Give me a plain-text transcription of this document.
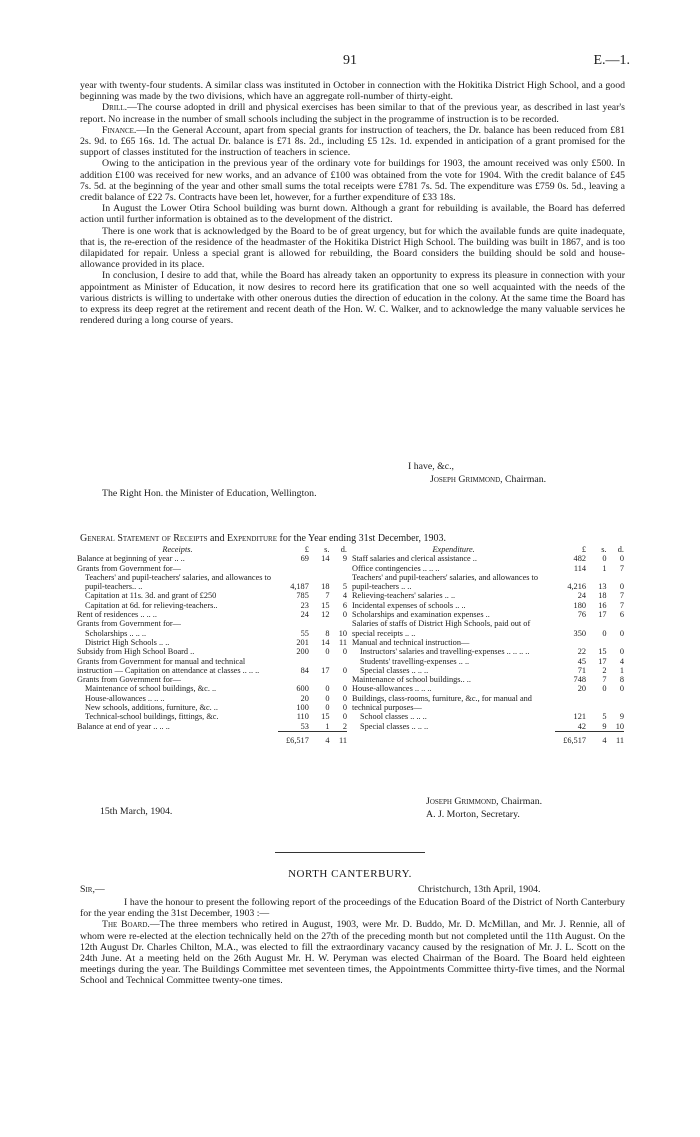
91	E.—1.

year with twenty-four students. A similar class was instituted in October in connection with the Hokitika District High School, and a good beginning was made by the two divisions, which have an aggregate roll-number of thirty-eight.

Drill.—The course adopted in drill and physical exercises has been similar to that of the previous year, as described in last year's report. No increase in the number of small schools including the subject in the programme of instruction is to be recorded.

Finance.—In the General Account, apart from special grants for instruction of teachers, the Dr. balance has been reduced from £81 2s. 9d. to £65 16s. 1d. The actual Dr. balance is £71 8s. 2d., including £5 12s. 1d. expended in anticipation of a grant promised for the support of classes instituted for the instruction of teachers in science.

Owing to the anticipation in the previous year of the ordinary vote for buildings for 1903, the amount received was only £500. In addition £100 was received for new works, and an advance of £100 was obtained from the vote for 1904. With the credit balance of £45 7s. 5d. at the beginning of the year and other small sums the total receipts were £781 7s. 5d. The expenditure was £759 0s. 5d., leaving a credit balance of £22 7s. Contracts have been let, however, for a further expenditure of £33 18s.

In August the Lower Otira School building was burnt down. Although a grant for rebuilding is available, the Board has deferred action until further information is obtained as to the development of the district.

There is one work that is acknowledged by the Board to be of great urgency, but for which the available funds are quite inadequate, that is, the re-erection of the residence of the headmaster of the Hokitika District High School. The building was built in 1867, and is too dilapidated for repair. Unless a special grant is allowed for rebuilding, the Board considers the building should be sold and house-allowance provided in its place.

In conclusion, I desire to add that, while the Board has already taken an opportunity to express its pleasure in connection with your appointment as Minister of Education, it now desires to record here its gratification that one so well acquainted with the needs of the various districts is willing to undertake with other onerous duties the direction of education in the colony. At the same time the Board has to express its deep regret at the retirement and recent death of the Hon. W. C. Walker, and to acknowledge the many valuable services he rendered during a long course of years.

I have, &c.,
Joseph Grimmond, Chairman.
The Right Hon. the Minister of Education, Wellington.
General Statement of Receipts and Expenditure for the Year ending 31st December, 1903.
Receipts.	£	s.	d.
Balance at beginning of year .. ..	69	14	9
Grants from Government for—			
Teachers' and pupil-teachers' salaries, and allowances to pupil-teachers.. ..	4,187	18	5
Capitation at 11s. 3d. and grant of £250	785	7	4
Capitation at 6d. for relieving-teachers..	23	15	6
Rent of residences .. .. ..	24	12	0
Grants from Government for—			
Scholarships .. .. ..	55	8	10
District High Schools .. ..	201	14	11
Subsidy from High School Board ..	200	0	0
Grants from Government for manual and technical instruction — Capitation on attendance at classes .. .. ..	84	17	0
Grants from Government for—			
Maintenance of school buildings, &c. ..	600	0	0
House-allowances .. .. ..	20	0	0
New schools, additions, furniture, &c. ..	100	0	0
Technical-school buildings, fittings, &c.	110	15	0
Balance at end of year .. .. ..	53	1	2
	£6,517	4	11
Expenditure.	£	s.	d.
Staff salaries and clerical assistance ..	482	0	0
Office contingencies .. .. ..	114	1	7
Teachers' and pupil-teachers' salaries, and allowances to pupil-teachers .. ..	4,216	13	0
Relieving-teachers' salaries .. ..	24	18	7
Incidental expenses of schools .. ..	180	16	7
Scholarships and examination expenses ..	76	17	6
Salaries of staffs of District High Schools, paid out of special receipts .. ..	350	0	0
Manual and technical instruction—			
Instructors' salaries and travelling-expenses .. .. .. ..	22	15	0
Students' travelling-expenses .. ..	45	17	4
Special classes .. .. ..	71	2	1
Maintenance of school buildings.. ..	748	7	8
House-allowances .. .. ..	20	0	0
Buildings, class-rooms, furniture, &c., for manual and technical purposes—			
School classes .. .. ..	121	5	9
Special classes .. .. ..	42	9	10
	£6,517	4	11
15th March, 1904.
Joseph Grimmond, Chairman.
A. J. Morton, Secretary.
NORTH CANTERBURY.
Sir,—	Christchurch, 13th April, 1904.

I have the honour to present the following report of the proceedings of the Education Board of the District of North Canterbury for the year ending the 31st December, 1903 :—

The Board.—The three members who retired in August, 1903, were Mr. D. Buddo, Mr. D. McMillan, and Mr. J. Rennie, all of whom were re-elected at the election technically held on the 27th of the preceding month but not completed until the 11th August. On the 12th August Dr. Charles Chilton, M.A., was elected to fill the extraordinary vacancy caused by the resignation of Mr. J. L. Scott on the 24th June. At a meeting held on the 26th August Mr. H. W. Peryman was elected Chairman of the Board. The Board held eighteen meetings during the year. The Buildings Committee met seventeen times, the Appointments Committee thirty-five times, and the Normal School and Technical Committee twenty-one times.
